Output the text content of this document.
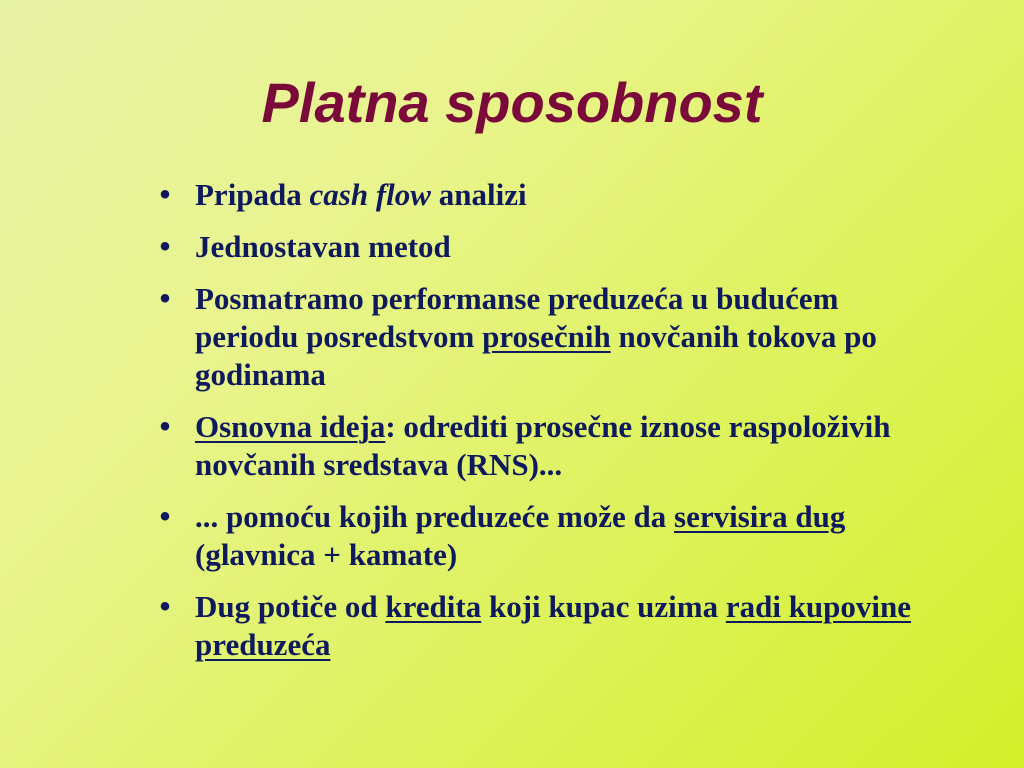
Platna sposobnost
• Pripada cash flow analizi
• Jednostavan metod
• Posmatramo performanse preduzeća u budućem periodu posredstvom prosečnih novčanih tokova po godinama
• Osnovna ideja: odrediti prosečne iznose raspoloživih novčanih sredstava (RNS)...
• ... pomoću kojih preduzeće može da servisira dug (glavnica + kamate)
• Dug potiče od kredita koji kupac uzima radi kupovine preduzeća
